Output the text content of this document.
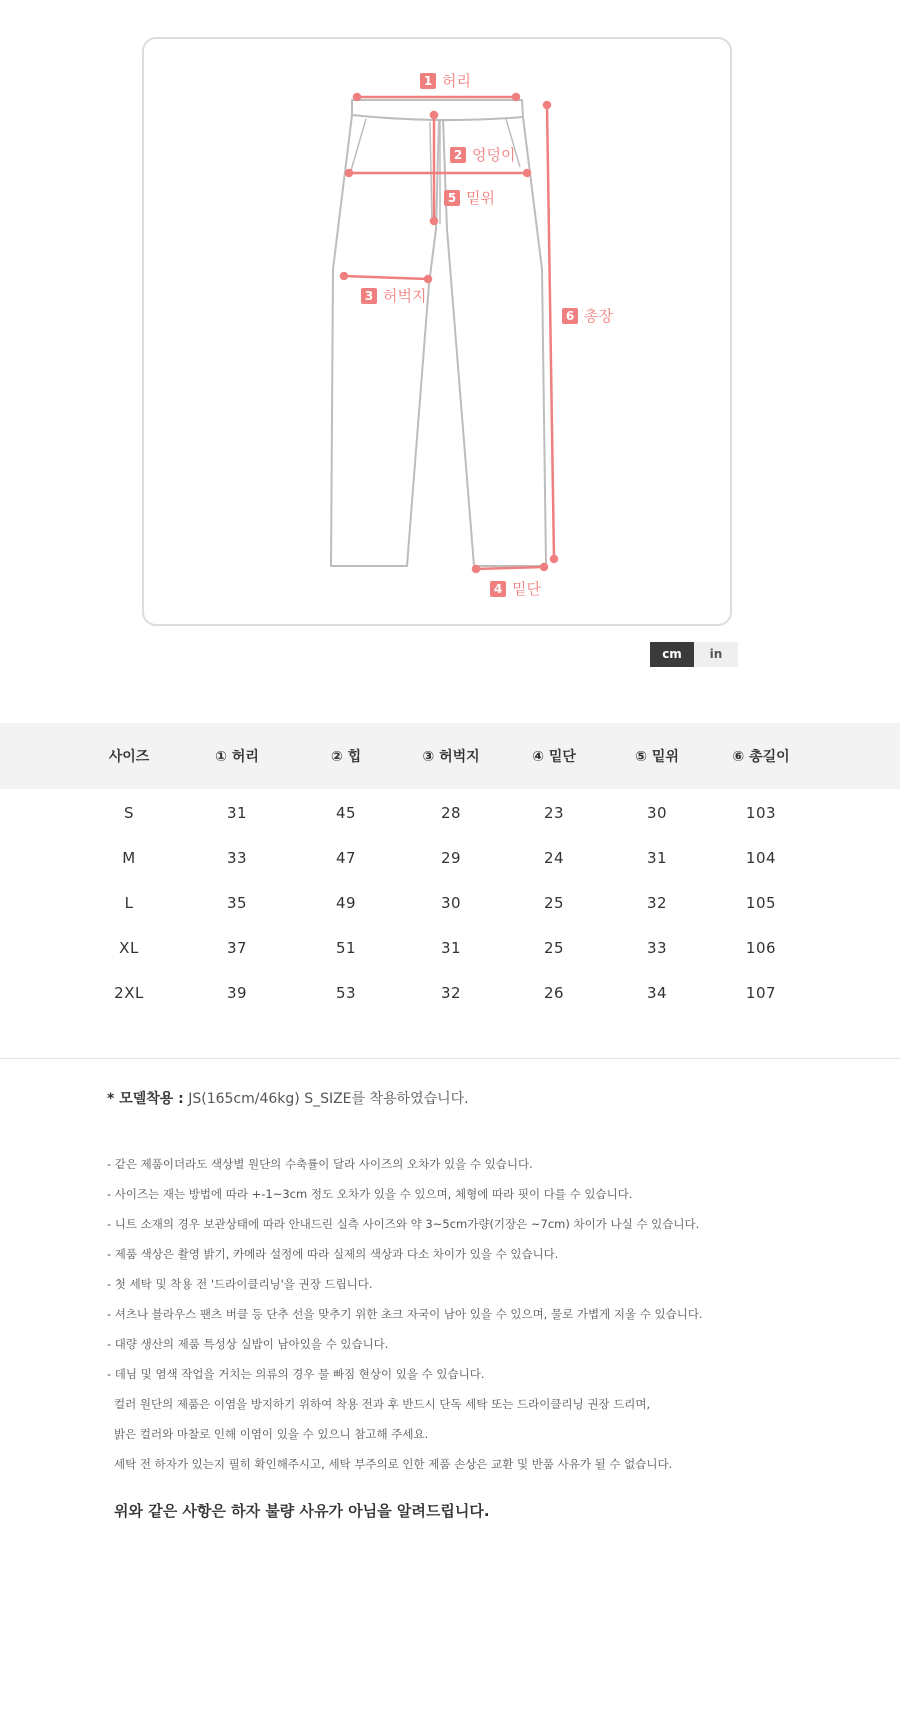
1 허리
2 엉덩이
5 밑위
3 허벅지
6 총장
4 밑단
cm	in
사이즈	① 허리	② 힙	③ 허벅지	④ 밑단	⑤ 밑위	⑥ 총길이
S	31	45	28	23	30	103
M	33	47	29	24	31	104
L	35	49	30	25	32	105
XL	37	51	31	25	33	106
2XL	39	53	32	26	34	107
* 모델착용 : JS(165cm/46kg) S_SIZE를 착용하였습니다.
- 같은 제품이더라도 색상별 원단의 수축률이 달라 사이즈의 오차가 있을 수 있습니다.
- 사이즈는 재는 방법에 따라 +-1~3cm 정도 오차가 있을 수 있으며, 체형에 따라 핏이 다를 수 있습니다.
- 니트 소재의 경우 보관상태에 따라 안내드린 실측 사이즈와 약 3~5cm가량(기장은 ~7cm) 차이가 나실 수 있습니다.
- 제품 색상은 촬영 밝기, 카메라 설정에 따라 실제의 색상과 다소 차이가 있을 수 있습니다.
- 첫 세탁 및 착용 전 '드라이클리닝'을 권장 드립니다.
- 셔츠나 블라우스 팬츠 버클 등 단추 선을 맞추기 위한 초크 자국이 남아 있을 수 있으며, 물로 가볍게 지울 수 있습니다.
- 대량 생산의 제품 특성상 실밥이 남아있을 수 있습니다.
- 데님 및 염색 작업을 거치는 의류의 경우 물 빠짐 현상이 있을 수 있습니다.
컬러 원단의 제품은 이염을 방지하기 위하여 착용 전과 후 반드시 단독 세탁 또는 드라이클리닝 권장 드리며,
밝은 컬러와 마찰로 인해 이염이 있을 수 있으니 참고해 주세요.
세탁 전 하자가 있는지 필히 확인해주시고, 세탁 부주의로 인한 제품 손상은 교환 및 반품 사유가 될 수 없습니다.
위와 같은 사항은 하자 불량 사유가 아님을 알려드립니다.
